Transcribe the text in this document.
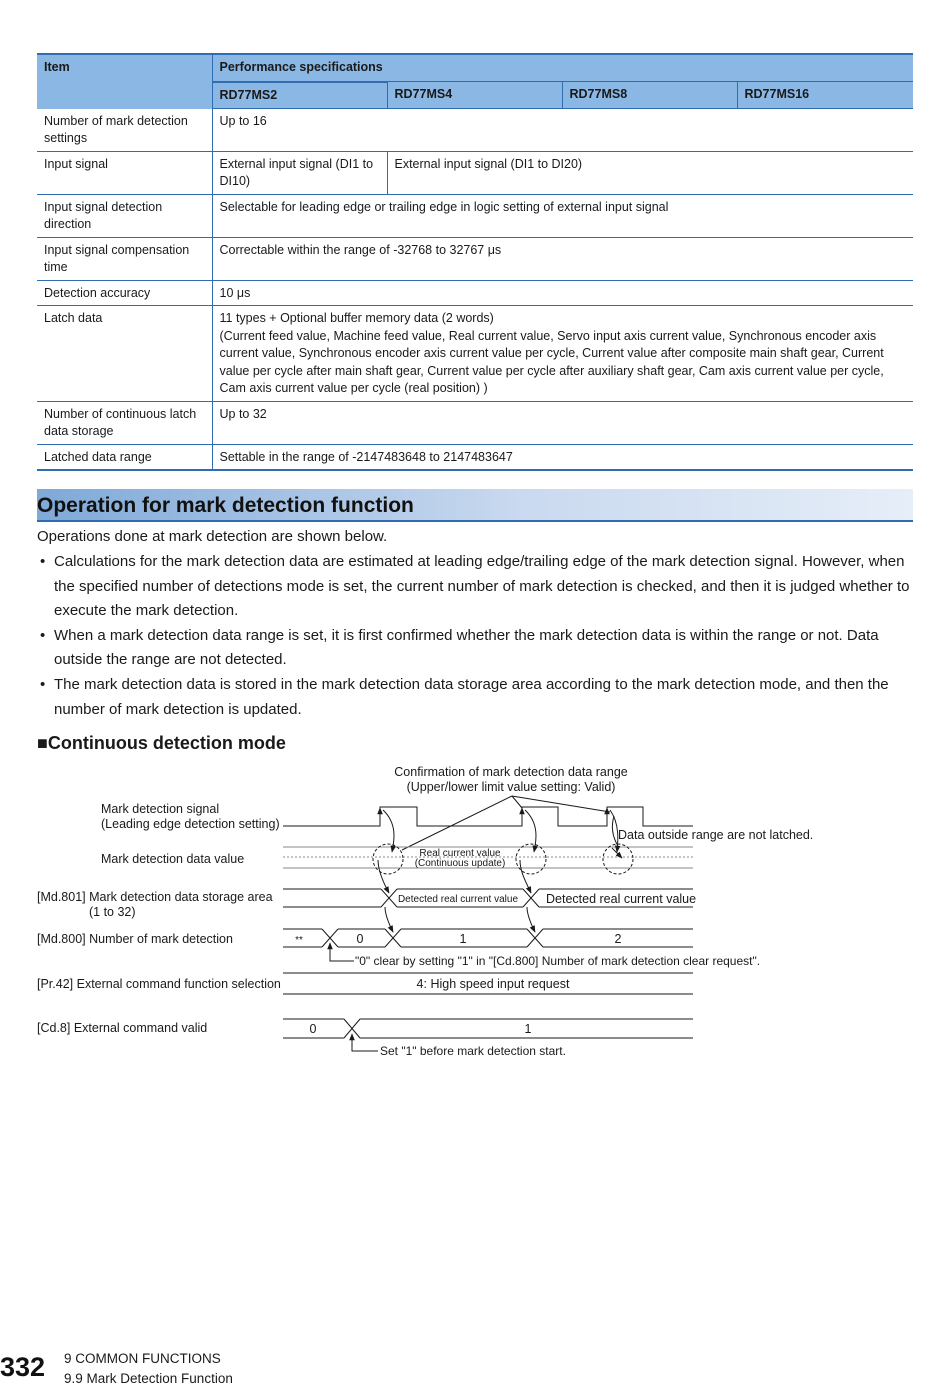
Item	Performance specifications			
	RD77MS2	RD77MS4	RD77MS8	RD77MS16
Number of mark detection settings	Up to 16			
Input signal	External input signal (DI1 to DI10)	External input signal (DI1 to DI20)		
Input signal detection direction	Selectable for leading edge or trailing edge in logic setting of external input signal			
Input signal compensation time	Correctable within the range of -32768 to 32767 μs			
Detection accuracy	10 μs			
Latch data	11 types + Optional buffer memory data (2 words)
(Current feed value, Machine feed value, Real current value, Servo input axis current value, Synchronous encoder axis current value, Synchronous encoder axis current value per cycle, Current value after composite main shaft gear, Current value per cycle after main shaft gear, Current value per cycle after auxiliary shaft gear, Cam axis current value per cycle, Cam axis current value per cycle (real position) )			

Number of continuous latch data storage	Up to 32			
Latched data range	Settable in the range of -2147483648 to 2147483647			
Operation for mark detection function
Operations done at mark detection are shown below.
• Calculations for the mark detection data are estimated at leading edge/trailing edge of the mark detection signal. However, when the specified number of detections mode is set, the current number of mark detection is checked, and then it is judged whether to execute the mark detection.
• When a mark detection data range is set, it is first confirmed whether the mark detection data is within the range or not. Data outside the range are not detected.
• The mark detection data is stored in the mark detection data storage area according to the mark detection mode, and then the number of mark detection is updated.
■Continuous detection mode
Confirmation of mark detection data range
(Upper/lower limit value setting: Valid)
Mark detection signal
(Leading edge detection setting)
Mark detection data value
Data outside range are not latched.
[Md.801] Mark detection data storage area
(1 to 32)
Detected real current value
[Md.800] Number of mark detection
"0" clear by setting "1" in "[Cd.800] Number of mark detection clear request".
[Pr.42] External command function selection	4: High speed input request
[Cd.8] External command valid
Set "1" before mark detection start.
Real current value
(Continuous update)
Detected real current value
**	0	1	2
0	1
332 9 COMMON FUNCTIONS
9.9 Mark Detection Function
